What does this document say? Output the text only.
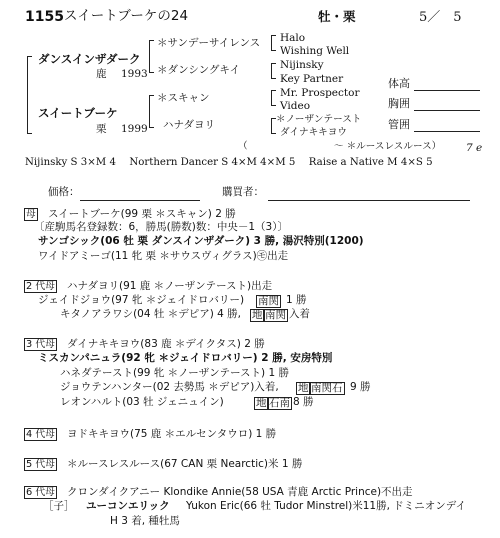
1155 スイートブーケの24	牡・栗	5／　5
ダンスインザダーク
鹿 1993
スイートブーケ
栗 1999
＊サンデーサイレンス
＊ダンシングキイ
＊スキャン
ハナダヨリ
Halo
Wishing Well
Nijinsky
Key Partner
Mr. Prospector
Video
＊ノーザンテースト
ダイナキキヨウ
（　　　　　　　　　～ ＊ルースレスルース） 7 e
体高
胸囲
管囲
Nijinsky S 3×M 4　 Northern Dancer S 4×M 4×M 5　 Raise a Native M 4×S 5
価格：	購買者：
母 スイートブーケ(99 栗 ＊スキャン) 2 勝
〔産駒馬名登録数：6，勝馬(勝数)数：中央－1（3）〕
サンゴシック(06 牡 栗 ダンスインザダーク) 3 勝, 湯沢特別(1200)
ワイドアミーゴ(11 牝 栗 ＊サウスヴィグラス)㋲出走
2 代母 ハナダヨリ(91 鹿 ＊ノーザンテースト)出走
ジェイドジョウ(97 牝 ＊ジェイドロバリー) 南関 1 勝
キタノアラワシ(04 牡 ＊デピア) 4 勝, 地 南関 入着
3 代母 ダイナキキヨウ(83 鹿 ＊デイクタス) 2 勝
ミスカンパニュラ(92 牝 ＊ジェイドロバリー) 2 勝, 安房特別
ハネダテースト(99 牝 ＊ノーザンテースト) 1 勝
ジョウテンハンター(02 去勢馬 ＊デピア)入着, 地 南関石 9 勝
レオンハルト(03 牡 ジェニュイン)	地 石南 8 勝
4 代母 ヨドキキヨウ(75 鹿 ＊エルセンタウロ) 1 勝
5 代母 ＊ルースレスルース(67 CAN 栗 Nearctic)米 1 勝
6 代母 クロンダイクアニー Klondike Annie(58 USA 青鹿 Arctic Prince)不出走
［子］ ユーコンエリック Yukon Eric(66 牡 Tudor Minstrel)米11勝, ドミニオンデイ
H 3 着, 種牡馬
